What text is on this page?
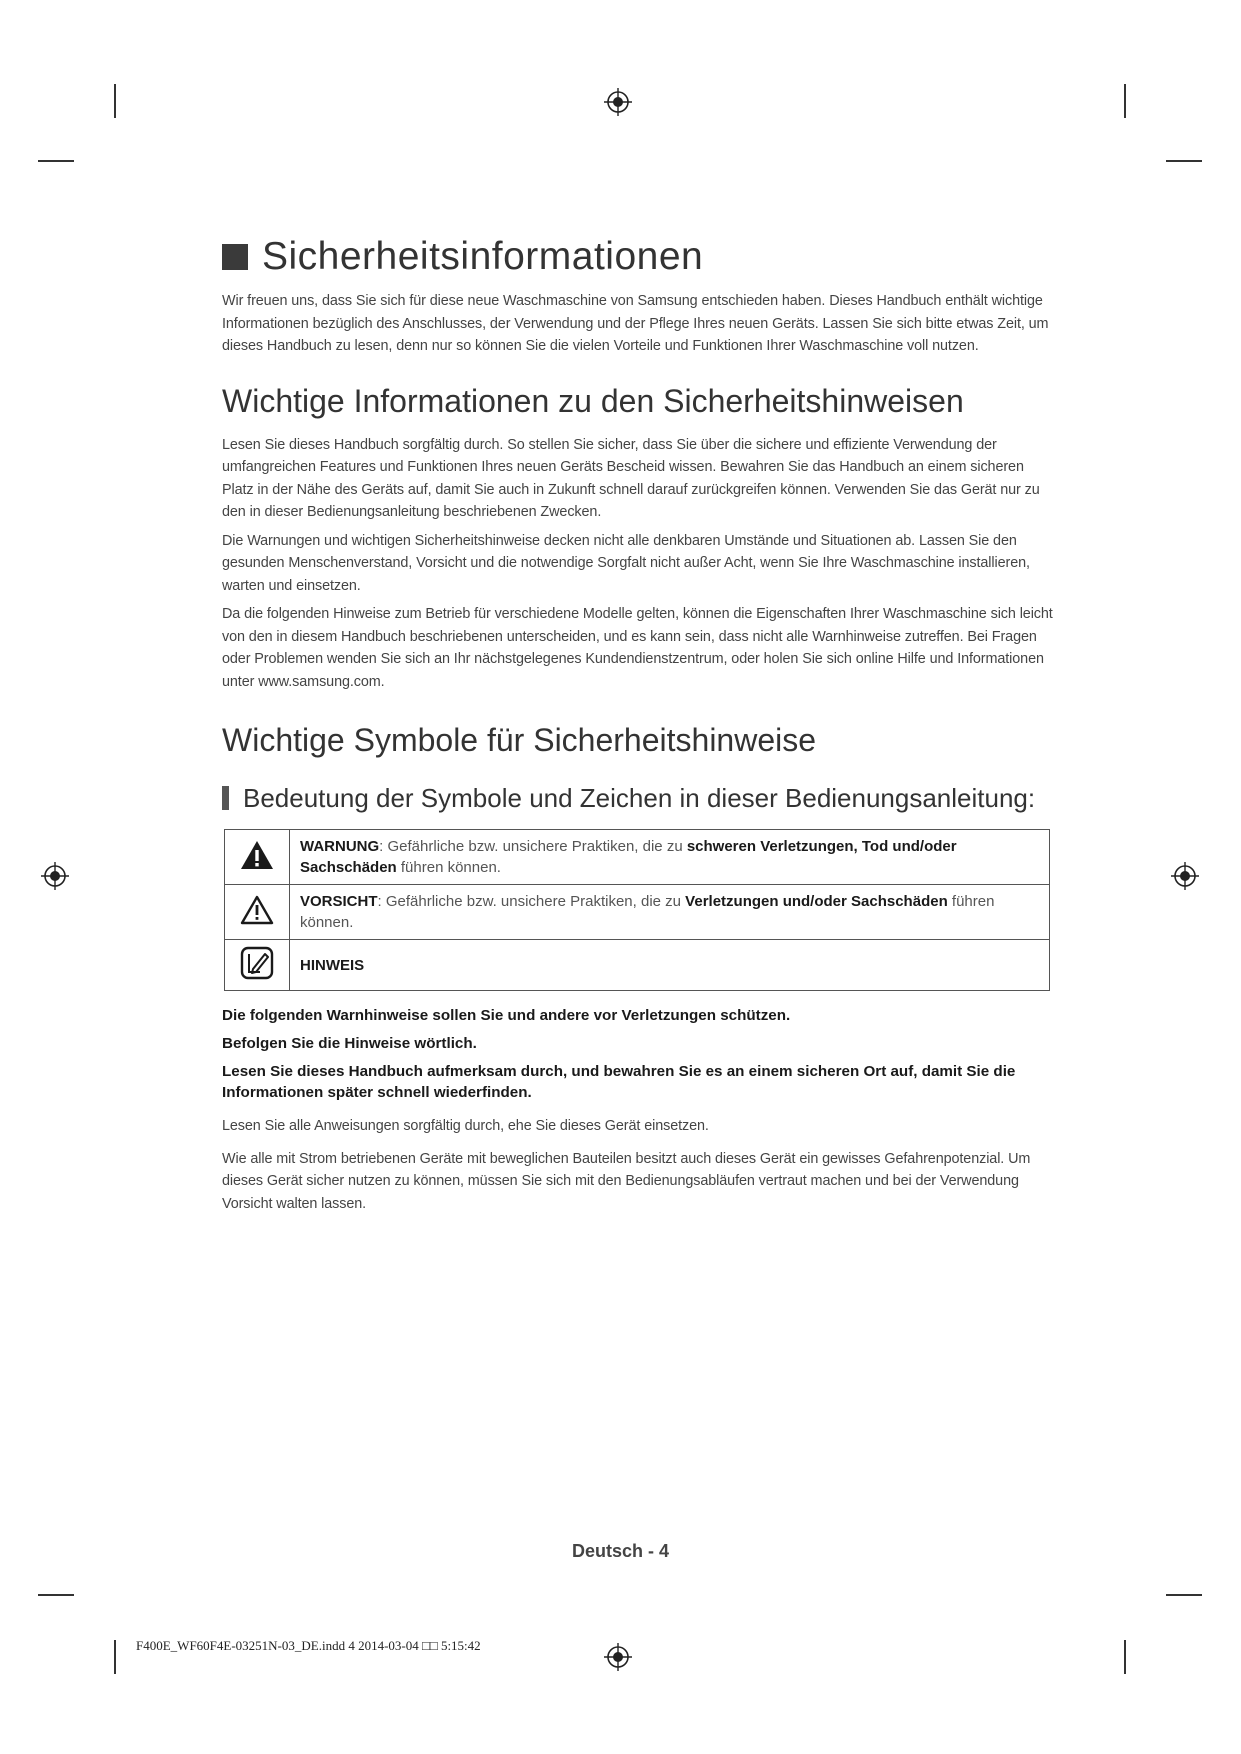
Sicherheitsinformationen

Wir freuen uns, dass Sie sich für diese neue Waschmaschine von Samsung entschieden haben. Dieses Handbuch enthält wichtige Informationen bezüglich des Anschlusses, der Verwendung und der Pflege Ihres neuen Geräts. Lassen Sie sich bitte etwas Zeit, um dieses Handbuch zu lesen, denn nur so können Sie die vielen Vorteile und Funktionen Ihrer Waschmaschine voll nutzen.

Wichtige Informationen zu den Sicherheitshinweisen

Lesen Sie dieses Handbuch sorgfältig durch. So stellen Sie sicher, dass Sie über die sichere und effiziente Verwendung der umfangreichen Features und Funktionen Ihres neuen Geräts Bescheid wissen. Bewahren Sie das Handbuch an einem sicheren Platz in der Nähe des Geräts auf, damit Sie auch in Zukunft schnell darauf zurückgreifen können. Verwenden Sie das Gerät nur zu den in dieser Bedienungsanleitung beschriebenen Zwecken.

Die Warnungen und wichtigen Sicherheitshinweise decken nicht alle denkbaren Umstände und Situationen ab. Lassen Sie den gesunden Menschenverstand, Vorsicht und die notwendige Sorgfalt nicht außer Acht, wenn Sie Ihre Waschmaschine installieren, warten und einsetzen.

Da die folgenden Hinweise zum Betrieb für verschiedene Modelle gelten, können die Eigenschaften Ihrer Waschmaschine sich leicht von den in diesem Handbuch beschriebenen unterscheiden, und es kann sein, dass nicht alle Warnhinweise zutreffen. Bei Fragen oder Problemen wenden Sie sich an Ihr nächstgelegenes Kundendienstzentrum, oder holen Sie sich online Hilfe und Informationen unter www.samsung.com.

Wichtige Symbole für Sicherheitshinweise
Bedeutung der Symbole und Zeichen in dieser Bedienungsanleitung:
	WARNUNG: Gefährliche bzw. unsichere Praktiken, die zu schweren Verletzungen, Tod und/oder Sachschäden führen können.
	VORSICHT: Gefährliche bzw. unsichere Praktiken, die zu Verletzungen und/oder Sachschäden führen können.
	HINWEIS

Die folgenden Warnhinweise sollen Sie und andere vor Verletzungen schützen.

Befolgen Sie die Hinweise wörtlich.

Lesen Sie dieses Handbuch aufmerksam durch, und bewahren Sie es an einem sicheren Ort auf, damit Sie die Informationen später schnell wiederfinden.

Lesen Sie alle Anweisungen sorgfältig durch, ehe Sie dieses Gerät einsetzen.

Wie alle mit Strom betriebenen Geräte mit beweglichen Bauteilen besitzt auch dieses Gerät ein gewisses Gefahrenpotenzial. Um dieses Gerät sicher nutzen zu können, müssen Sie sich mit den Bedienungsabläufen vertraut machen und bei der Verwendung Vorsicht walten lassen.

Deutsch - 4
F400E_WF60F4E-03251N-03_DE.indd 4 2014-03-04 □□ 5:15:42
